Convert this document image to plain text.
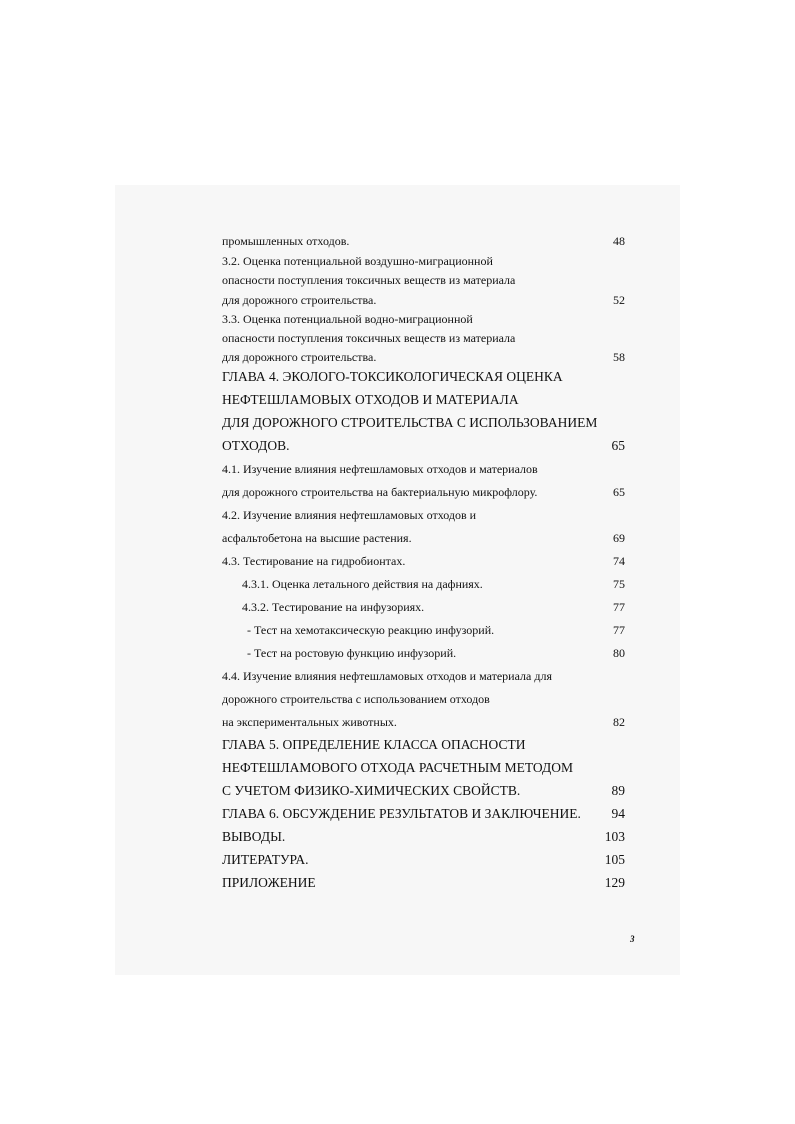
промышленных отходов.	48
3.2. Оценка потенциальной воздушно-миграционной
опасности поступления токсичных веществ из материала
для дорожного строительства.	52
3.3. Оценка потенциальной водно-миграционной
опасности поступления токсичных веществ из материала
для дорожного строительства.	58
ГЛАВА 4. ЭКОЛОГО-ТОКСИКОЛОГИЧЕСКАЯ ОЦЕНКА
НЕФТЕШЛАМОВЫХ ОТХОДОВ И МАТЕРИАЛА
ДЛЯ ДОРОЖНОГО СТРОИТЕЛЬСТВА С ИСПОЛЬЗОВАНИЕМ
ОТХОДОВ.	65
4.1. Изучение влияния нефтешламовых отходов и материалов
для дорожного строительства на бактериальную микрофлору.	65
4.2. Изучение влияния нефтешламовых отходов и
асфальтобетона на высшие растения.	69
4.3. Тестирование на гидробионтах.	74
4.3.1. Оценка летального действия на дафниях.	75
4.3.2. Тестирование на инфузориях.	77
- Тест на хемотаксическую реакцию инфузорий.	77
- Тест на ростовую функцию инфузорий.	80
4.4. Изучение влияния нефтешламовых отходов и материала для
дорожного строительства с использованием отходов
на экспериментальных животных.	82
ГЛАВА 5. ОПРЕДЕЛЕНИЕ КЛАССА ОПАСНОСТИ
НЕФТЕШЛАМОВОГО ОТХОДА РАСЧЕТНЫМ МЕТОДОМ
С УЧЕТОМ ФИЗИКО-ХИМИЧЕСКИХ СВОЙСТВ.	89
ГЛАВА 6. ОБСУЖДЕНИЕ РЕЗУЛЬТАТОВ И ЗАКЛЮЧЕНИЕ. 94
ВЫВОДЫ.	103
ЛИТЕРАТУРА.	105
ПРИЛОЖЕНИЕ	129
3
